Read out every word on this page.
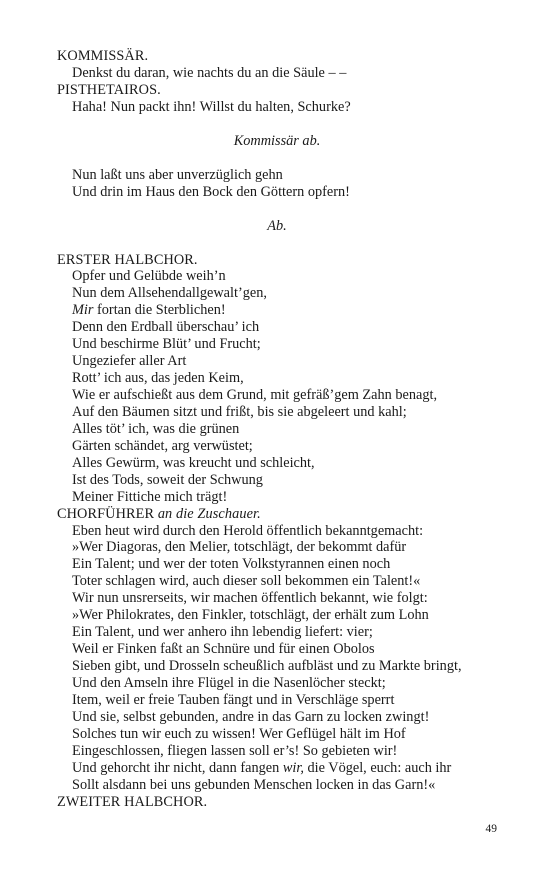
KOMMISSÄR.
Denkst du daran, wie nachts du an die Säule – –
PISTHETAIROS.
Haha! Nun packt ihn! Willst du halten, Schurke?
Kommissär ab.
Nun laßt uns aber unverzüglich gehn
Und drin im Haus den Bock den Göttern opfern!
Ab.
ERSTER HALBCHOR.
Opfer und Gelübde weih’n
Nun dem Allsehendallgewalt’gen,
Mir fortan die Sterblichen!
Denn den Erdball überschau’ ich
Und beschirme Blüt’ und Frucht;
Ungeziefer aller Art
Rott’ ich aus, das jeden Keim,
Wie er aufschießt aus dem Grund, mit gefräß’gem Zahn benagt,
Auf den Bäumen sitzt und frißt, bis sie abgeleert und kahl;
Alles töt’ ich, was die grünen
Gärten schändet, arg verwüstet;
Alles Gewürm, was kreucht und schleicht,
Ist des Tods, soweit der Schwung
Meiner Fittiche mich trägt!
CHORFÜHRER an die Zuschauer.
Eben heut wird durch den Herold öffentlich bekanntgemacht:
»Wer Diagoras, den Melier, totschlägt, der bekommt dafür
Ein Talent; und wer der toten Volkstyrannen einen noch
Toter schlagen wird, auch dieser soll bekommen ein Talent!«
Wir nun unsrerseits, wir machen öffentlich bekannt, wie folgt:
»Wer Philokrates, den Finkler, totschlägt, der erhält zum Lohn
Ein Talent, und wer anhero ihn lebendig liefert: vier;
Weil er Finken faßt an Schnüre und für einen Obolos
Sieben gibt, und Drosseln scheußlich aufbläst und zu Markte bringt,
Und den Amseln ihre Flügel in die Nasenlöcher steckt;
Item, weil er freie Tauben fängt und in Verschläge sperrt
Und sie, selbst gebunden, andre in das Garn zu locken zwingt!
Solches tun wir euch zu wissen! Wer Geflügel hält im Hof
Eingeschlossen, fliegen lassen soll er’s! So gebieten wir!
Und gehorcht ihr nicht, dann fangen wir, die Vögel, euch: auch ihr
Sollt alsdann bei uns gebunden Menschen locken in das Garn!«
ZWEITER HALBCHOR.
49
